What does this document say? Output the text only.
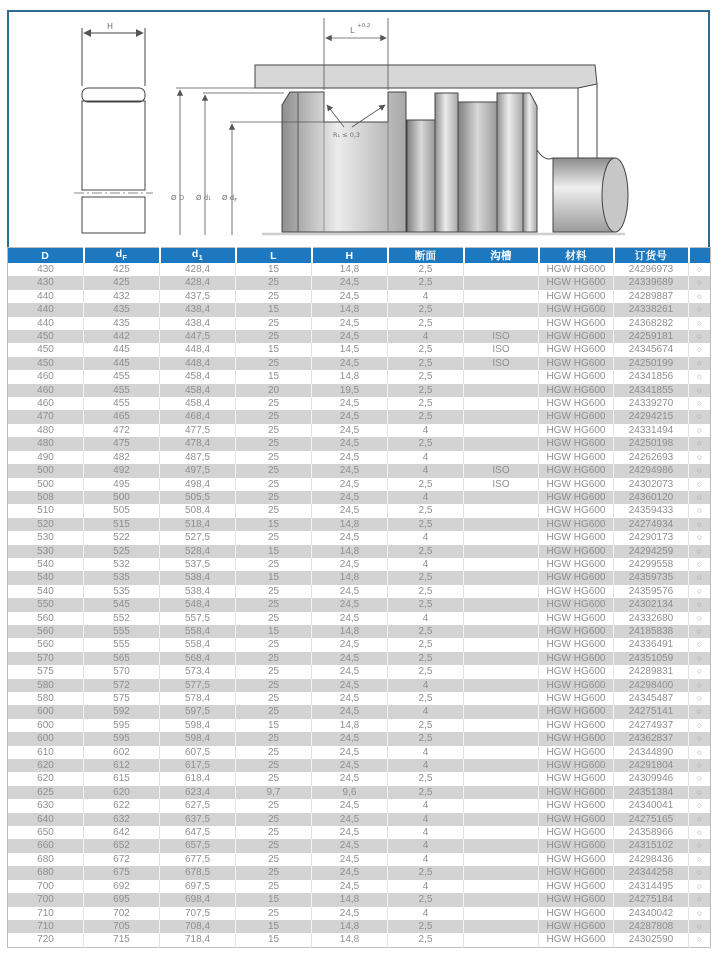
H
Ø D Ø d₁ Ø $d_F$
L +0,2
R₁ ≤ 0,3
D	$d_F$	$d_1$	L	H	断面	沟槽	材料	订货号	
430	425	428,4	15	14,8	2,5		HGW HG600	24296973	○
430	425	428,4	25	24,5	2,5		HGW HG600	24339689	○
440	432	437,5	25	24,5	4		HGW HG600	24289887	○
440	435	438,4	15	14,8	2,5		HGW HG600	24338261	○
440	435	438,4	25	24,5	2,5		HGW HG600	24368282	○
450	442	447,5	25	24,5	4	ISO	HGW HG600	24259181	○
450	445	448,4	15	14,5	2,5	ISO	HGW HG600	24345674	○
450	445	448,4	25	24,5	2,5	ISO	HGW HG600	24250199	○
460	455	458,4	15	14,8	2,5		HGW HG600	24341856	○
460	455	458,4	20	19,5	2,5		HGW HG600	24341855	○
460	455	458,4	25	24,5	2,5		HGW HG600	24339270	○
470	465	468,4	25	24,5	2,5		HGW HG600	24294215	○
480	472	477,5	25	24,5	4		HGW HG600	24331494	○
480	475	478,4	25	24,5	2,5		HGW HG600	24250198	○
490	482	487,5	25	24,5	4		HGW HG600	24262693	○
500	492	497,5	25	24,5	4	ISO	HGW HG600	24294986	○
500	495	498,4	25	24,5	2,5	ISO	HGW HG600	24302073	○
508	500	505,5	25	24,5	4		HGW HG600	24360120	○
510	505	508,4	25	24,5	2,5		HGW HG600	24359433	○
520	515	518,4	15	14,8	2,5		HGW HG600	24274934	○
530	522	527,5	25	24,5	4		HGW HG600	24290173	○
530	525	528,4	15	14,8	2,5		HGW HG600	24294259	○
540	532	537,5	25	24,5	4		HGW HG600	24299558	○
540	535	538,4	15	14,8	2,5		HGW HG600	24359735	○
540	535	538,4	25	24,5	2,5		HGW HG600	24359576	○
550	545	548,4	25	24,5	2,5		HGW HG600	24302134	○
560	552	557,5	25	24,5	4		HGW HG600	24332680	○
560	555	558,4	15	14,8	2,5		HGW HG600	24185838	○
560	555	558,4	25	24,5	2,5		HGW HG600	24336491	○
570	565	568,4	25	24,5	2,5		HGW HG600	24351059	○
575	570	573,4	25	24,5	2,5		HGW HG600	24289831	○
580	572	577,5	25	24,5	4		HGW HG600	24298400	○
580	575	578,4	25	24,5	2,5		HGW HG600	24345487	○
600	592	597,5	25	24,5	4		HGW HG600	24275141	○
600	595	598,4	15	14,8	2,5		HGW HG600	24274937	○
600	595	598,4	25	24,5	2,5		HGW HG600	24362837	○
610	602	607,5	25	24,5	4		HGW HG600	24344890	○
620	612	617,5	25	24,5	4		HGW HG600	24291804	○
620	615	618,4	25	24,5	2,5		HGW HG600	24309946	○
625	620	623,4	9,7	9,6	2,5		HGW HG600	24351384	○
630	622	627,5	25	24,5	4		HGW HG600	24340041	○
640	632	637,5	25	24,5	4		HGW HG600	24275165	○
650	642	647,5	25	24,5	4		HGW HG600	24358966	○
660	652	657,5	25	24,5	4		HGW HG600	24315102	○
680	672	677,5	25	24,5	4		HGW HG600	24298436	○
680	675	678,5	25	24,5	2,5		HGW HG600	24344258	○
700	692	697,5	25	24,5	4		HGW HG600	24314495	○
700	695	698,4	15	14,8	2,5		HGW HG600	24275184	○
710	702	707,5	25	24,5	4		HGW HG600	24340042	○
710	705	708,4	15	14,8	2,5		HGW HG600	24287808	○
720	715	718,4	15	14,8	2,5		HGW HG600	24302590	○
